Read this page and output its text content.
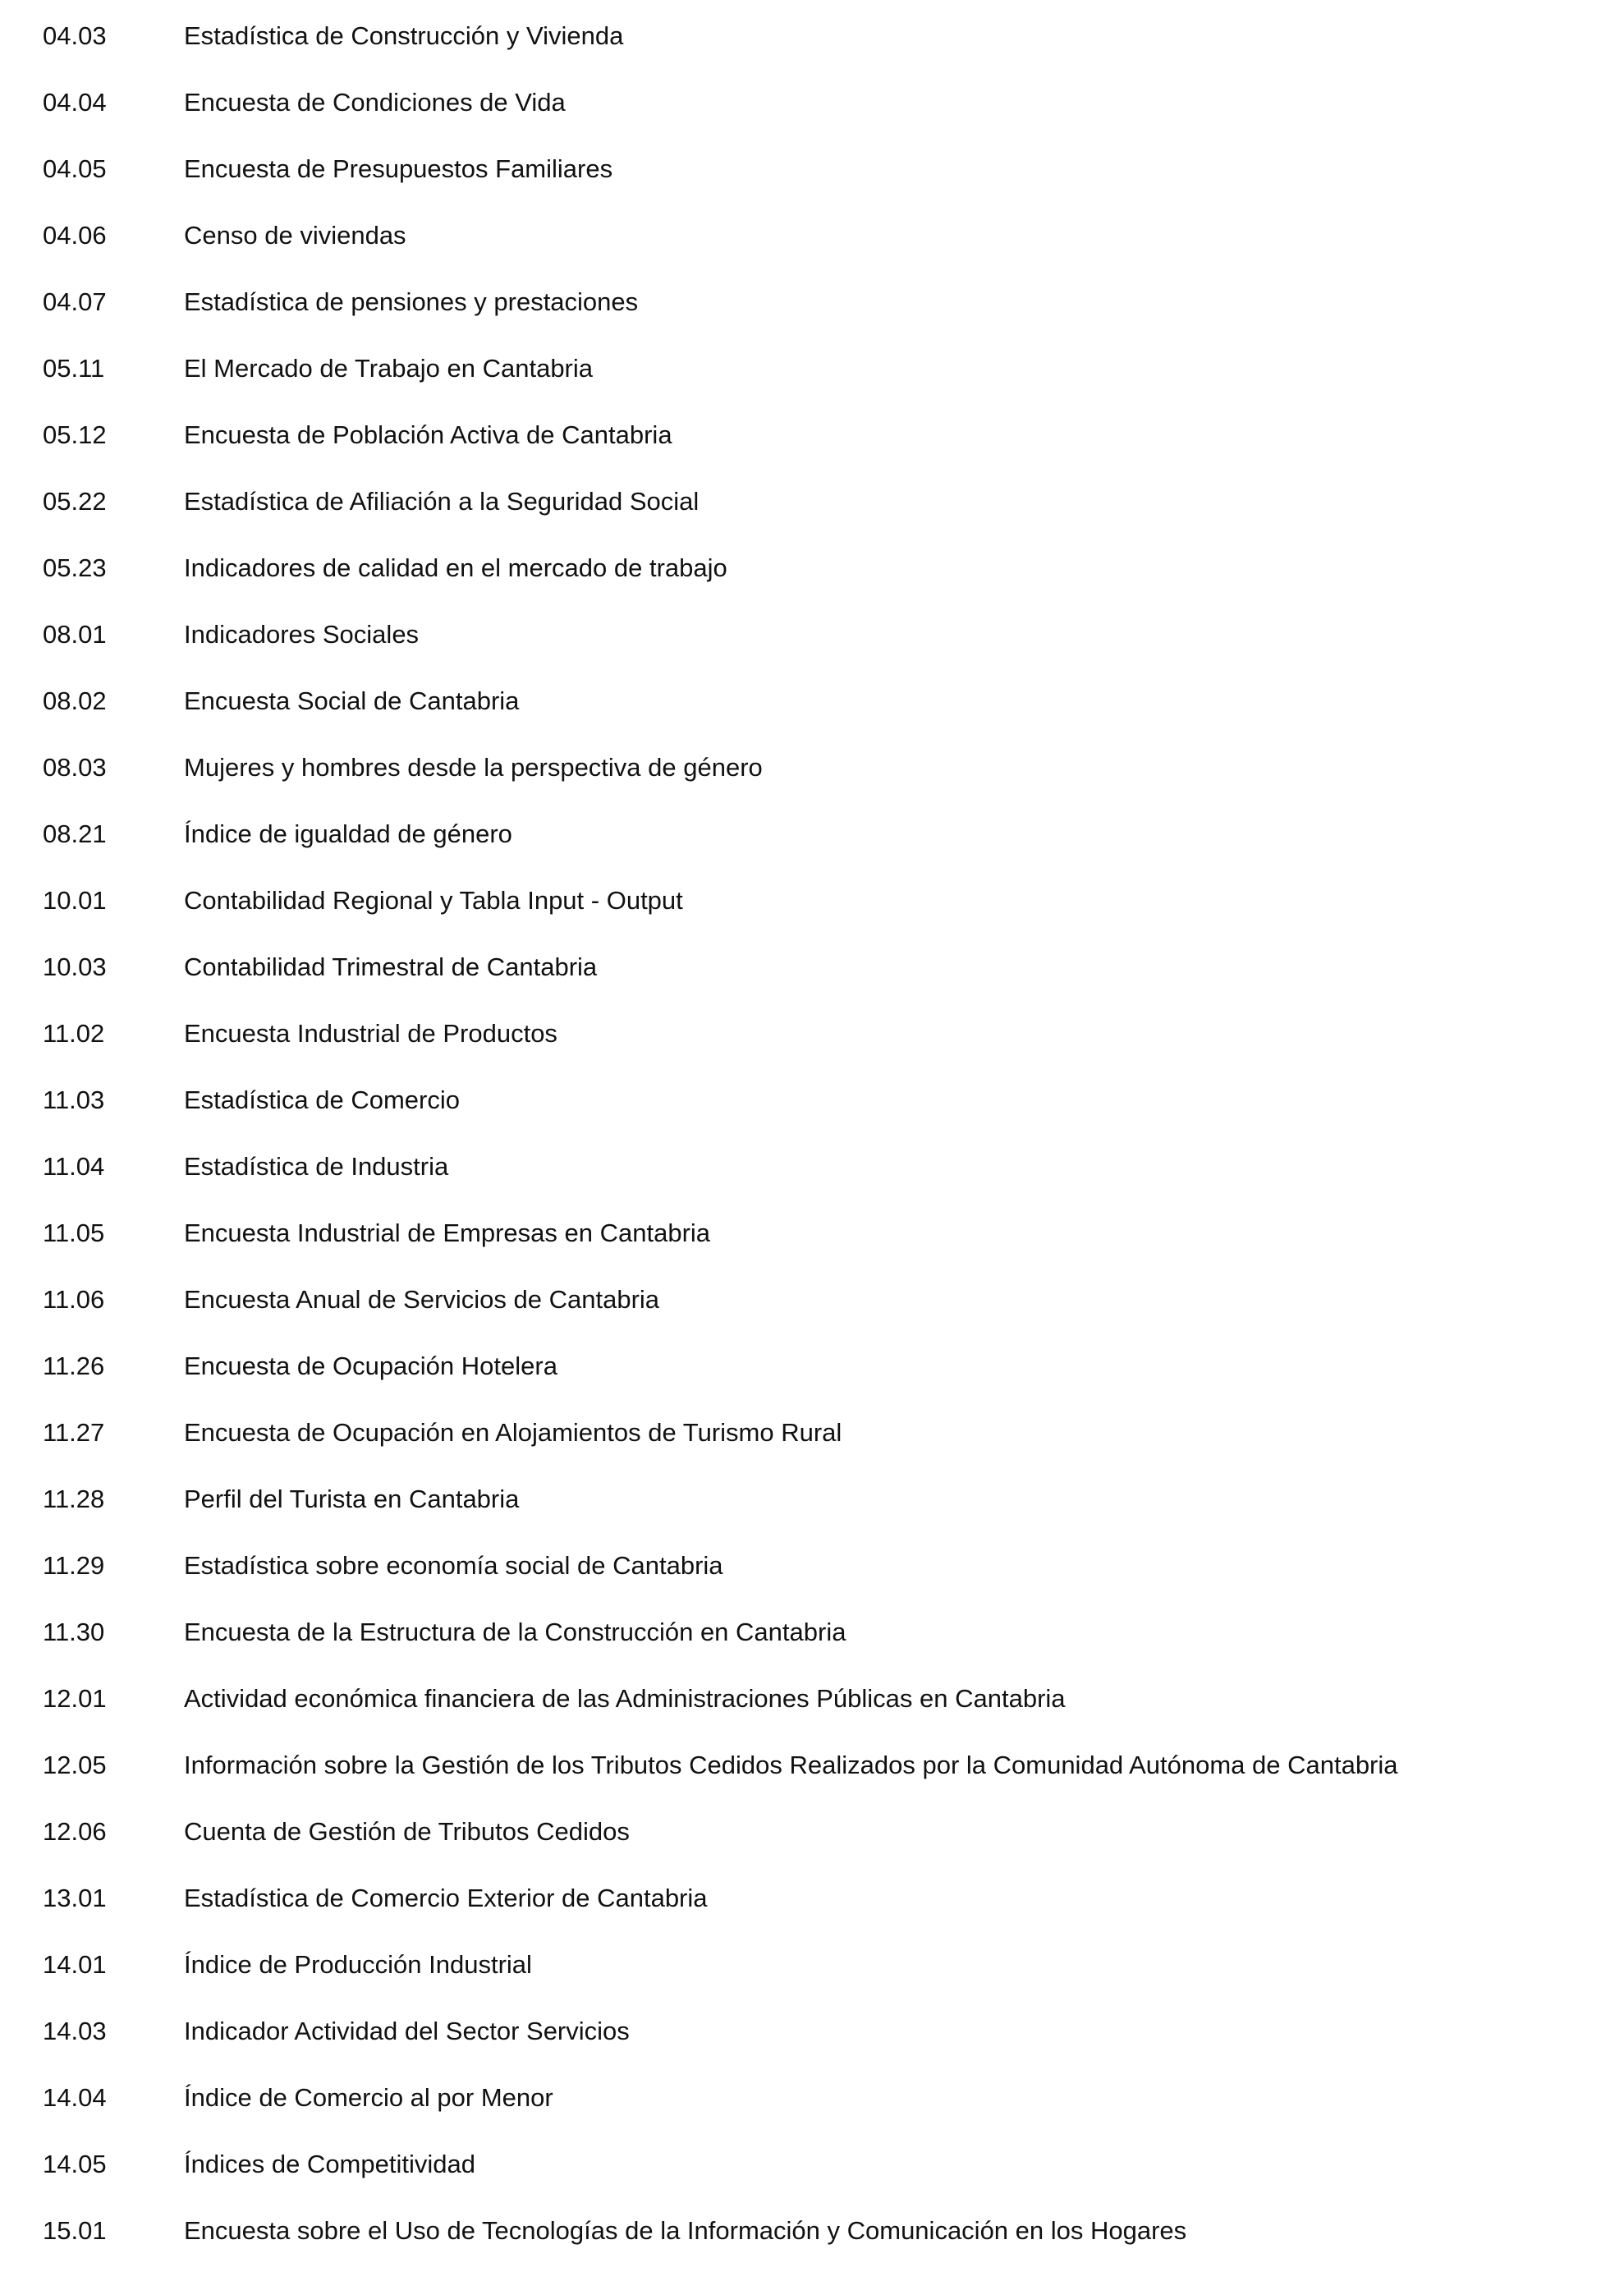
04.03	Estadística de Construcción y Vivienda
04.04	Encuesta de Condiciones de Vida
04.05	Encuesta de Presupuestos Familiares
04.06	Censo de viviendas
04.07	Estadística de pensiones y prestaciones
05.11	El Mercado de Trabajo en Cantabria
05.12	Encuesta de Población Activa de Cantabria
05.22	Estadística de Afiliación a la Seguridad Social
05.23	Indicadores de calidad en el mercado de trabajo
08.01	Indicadores Sociales
08.02	Encuesta Social de Cantabria
08.03	Mujeres y hombres desde la perspectiva de género
08.21	Índice de igualdad de género
10.01	Contabilidad Regional y Tabla Input - Output
10.03	Contabilidad Trimestral de Cantabria
11.02	Encuesta Industrial de Productos
11.03	Estadística de Comercio
11.04	Estadística de Industria
11.05	Encuesta Industrial de Empresas en Cantabria
11.06	Encuesta Anual de Servicios de Cantabria
11.26	Encuesta de Ocupación Hotelera
11.27	Encuesta de Ocupación en Alojamientos de Turismo Rural
11.28	Perfil del Turista en Cantabria
11.29	Estadística sobre economía social de Cantabria
11.30	Encuesta de la Estructura de la Construcción en Cantabria
12.01	Actividad económica financiera de las Administraciones Públicas en Cantabria
12.05	Información sobre la Gestión de los Tributos Cedidos Realizados por la Comunidad Autónoma de Cantabria
12.06	Cuenta de Gestión de Tributos Cedidos
13.01	Estadística de Comercio Exterior de Cantabria
14.01	Índice de Producción Industrial
14.03	Indicador Actividad del Sector Servicios
14.04	Índice de Comercio al por Menor
14.05	Índices de Competitividad
15.01	Encuesta sobre el Uso de Tecnologías de la Información y Comunicación en los Hogares
